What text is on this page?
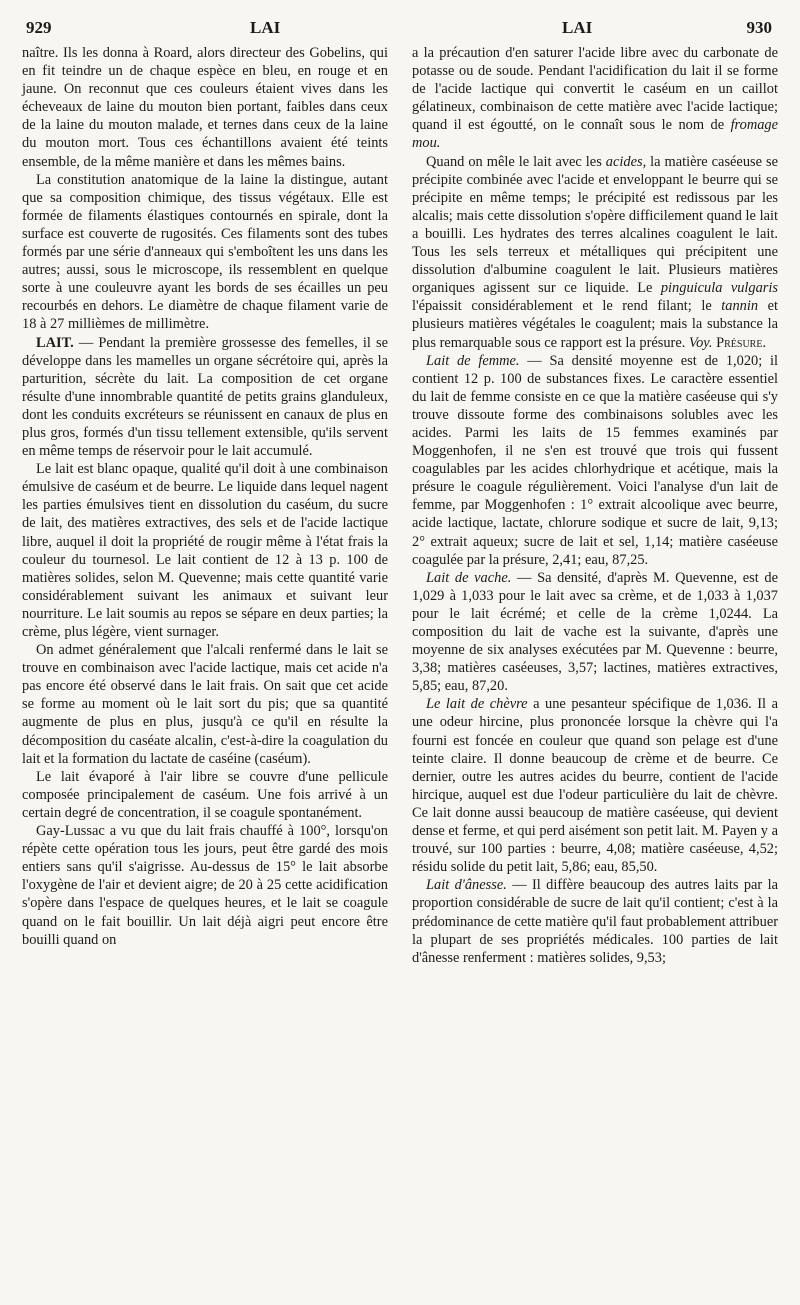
929	LAI	LAI	930

naître. Ils les donna à Roard, alors directeur des Gobelins, qui en fit teindre un de chaque espèce en bleu, en rouge et en jaune. On reconnut que ces couleurs étaient vives dans les écheveaux de laine du mouton bien portant, faibles dans ceux de la laine du mouton malade, et ternes dans ceux de la laine du mouton mort. Tous ces échantillons avaient été teints ensemble, de la même manière et dans les mêmes bains.

La constitution anatomique de la laine la distingue, autant que sa composition chimique, des tissus végétaux. Elle est formée de filaments élastiques contournés en spirale, dont la surface est couverte de rugosités. Ces filaments sont des tubes formés par une série d'anneaux qui s'emboîtent les uns dans les autres; aussi, sous le microscope, ils ressemblent en quelque sorte à une couleuvre ayant les bords de ses écailles un peu recourbés en dehors. Le diamètre de chaque filament varie de 18 à 27 millièmes de millimètre.

LAIT. — Pendant la première grossesse des femelles, il se développe dans les mamelles un organe sécrétoire qui, après la parturition, sécrète du lait. La composition de cet organe résulte d'une innombrable quantité de petits grains glanduleux, dont les conduits excréteurs se réunissent en canaux de plus en plus gros, formés d'un tissu tellement extensible, qu'ils servent en même temps de réservoir pour le lait accumulé.

Le lait est blanc opaque, qualité qu'il doit à une combinaison émulsive de caséum et de beurre. Le liquide dans lequel nagent les parties émulsives tient en dissolution du caséum, du sucre de lait, des matières extractives, des sels et de l'acide lactique libre, auquel il doit la propriété de rougir même à l'état frais la couleur du tournesol. Le lait contient de 12 à 13 p. 100 de matières solides, selon M. Quevenne; mais cette quantité varie considérablement suivant les animaux et suivant leur nourriture. Le lait soumis au repos se sépare en deux parties; la crème, plus légère, vient surnager.

On admet généralement que l'alcali renfermé dans le lait se trouve en combinaison avec l'acide lactique, mais cet acide n'a pas encore été observé dans le lait frais. On sait que cet acide se forme au moment où le lait sort du pis; que sa quantité augmente de plus en plus, jusqu'à ce qu'il en résulte la décomposition du caséate alcalin, c'est-à-dire la coagulation du lait et la formation du lactate de caséine (caséum).

Le lait évaporé à l'air libre se couvre d'une pellicule composée principalement de caséum. Une fois arrivé à un certain degré de concentration, il se coagule spontanément.

Gay-Lussac a vu que du lait frais chauffé à 100°, lorsqu'on répète cette opération tous les jours, peut être gardé des mois entiers sans qu'il s'aigrisse. Au-dessus de 15° le lait absorbe l'oxygène de l'air et devient aigre; de 20 à 25 cette acidification s'opère dans l'espace de quelques heures, et le lait se coagule quand on le fait bouillir. Un lait déjà aigri peut encore être bouilli quand on

a la précaution d'en saturer l'acide libre avec du carbonate de potasse ou de soude. Pendant l'acidification du lait il se forme de l'acide lactique qui convertit le caséum en un caillot gélatineux, combinaison de cette matière avec l'acide lactique; quand il est égoutté, on le connaît sous le nom de fromage mou.

Quand on mêle le lait avec les acides, la matière caséeuse se précipite combinée avec l'acide et enveloppant le beurre qui se précipite en même temps; le précipité est redissous par les alcalis; mais cette dissolution s'opère difficilement quand le lait a bouilli. Les hydrates des terres alcalines coagulent le lait. Tous les sels terreux et métalliques qui précipitent une dissolution d'albumine coagulent le lait. Plusieurs matières organiques agissent sur ce liquide. Le pinguicula vulgaris l'épaissit considérablement et le rend filant; le tannin et plusieurs matières végétales le coagulent; mais la substance la plus remarquable sous ce rapport est la présure. Voy. Présure.

Lait de femme. — Sa densité moyenne est de 1,020; il contient 12 p. 100 de substances fixes. Le caractère essentiel du lait de femme consiste en ce que la matière caséeuse qui s'y trouve dissoute forme des combinaisons solubles avec les acides. Parmi les laits de 15 femmes examinés par Moggenhofen, il ne s'en est trouvé que trois qui fussent coagulables par les acides chlorhydrique et acétique, mais la présure le coagule régulièrement. Voici l'analyse d'un lait de femme, par Moggenhofen : 1° extrait alcoolique avec beurre, acide lactique, lactate, chlorure sodique et sucre de lait, 9,13; 2° extrait aqueux; sucre de lait et sel, 1,14; matière caséeuse coagulée par la présure, 2,41; eau, 87,25.

Lait de vache. — Sa densité, d'après M. Quevenne, est de 1,029 à 1,033 pour le lait avec sa crème, et de 1,033 à 1,037 pour le lait écrémé; et celle de la crème 1,0244. La composition du lait de vache est la suivante, d'après une moyenne de six analyses exécutées par M. Quevenne : beurre, 3,38; matières caséeuses, 3,57; lactines, matières extractives, 5,85; eau, 87,20.

Le lait de chèvre a une pesanteur spécifique de 1,036. Il a une odeur hircine, plus prononcée lorsque la chèvre qui l'a fourni est foncée en couleur que quand son pelage est d'une teinte claire. Il donne beaucoup de crème et de beurre. Ce dernier, outre les autres acides du beurre, contient de l'acide hircique, auquel est due l'odeur particulière du lait de chèvre. Ce lait donne aussi beaucoup de matière caséeuse, qui devient dense et ferme, et qui perd aisément son petit lait. M. Payen y a trouvé, sur 100 parties : beurre, 4,08; matière caséeuse, 4,52; résidu solide du petit lait, 5,86; eau, 85,50.

Lait d'ânesse. — Il diffère beaucoup des autres laits par la proportion considérable de sucre de lait qu'il contient; c'est à la prédominance de cette matière qu'il faut probablement attribuer la plupart de ses propriétés médicales. 100 parties de lait d'ânesse renferment : matières solides, 9,53;
